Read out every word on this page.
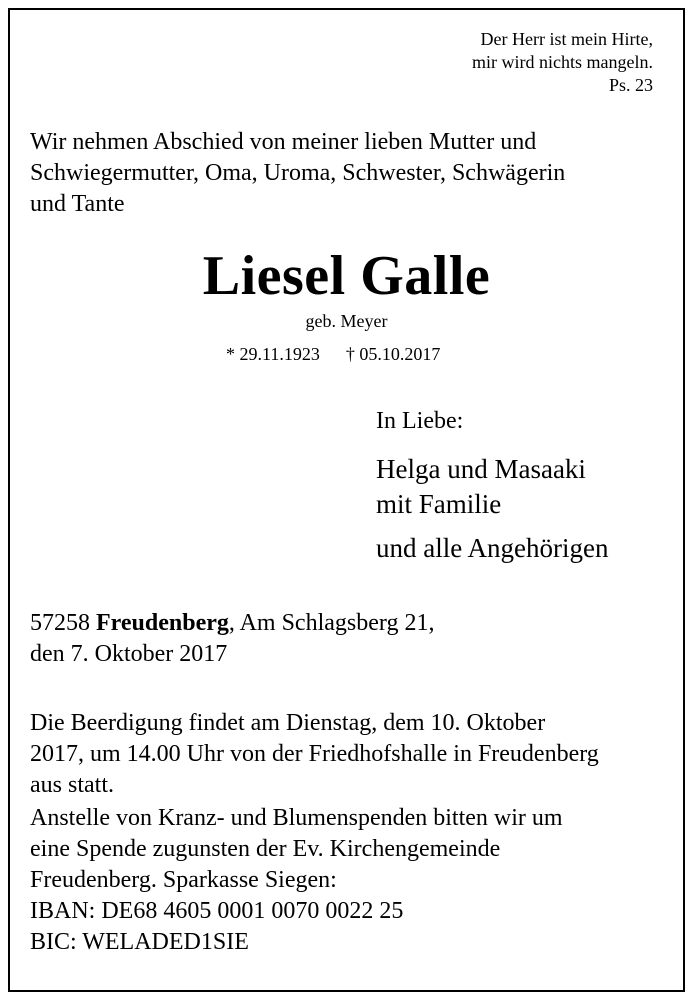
Der Herr ist mein Hirte,
mir wird nichts mangeln.
Ps. 23
Wir nehmen Abschied von meiner lieben Mutter und
Schwiegermutter, Oma, Uroma, Schwester, Schwägerin
und Tante
Liesel Galle
geb. Meyer
* 29.11.1923 † 05.10.2017
In Liebe:
Helga und Masaaki
mit Familie
und alle Angehörigen
57258 Freudenberg, Am Schlagsberg 21,
den 7. Oktober 2017
Die Beerdigung findet am Dienstag, dem 10. Oktober
2017, um 14.00 Uhr von der Friedhofshalle in Freudenberg
aus statt.
Anstelle von Kranz- und Blumenspenden bitten wir um
eine Spende zugunsten der Ev. Kirchengemeinde
Freudenberg. Sparkasse Siegen:
IBAN: DE68 4605 0001 0070 0022 25
BIC: WELADED1SIE
